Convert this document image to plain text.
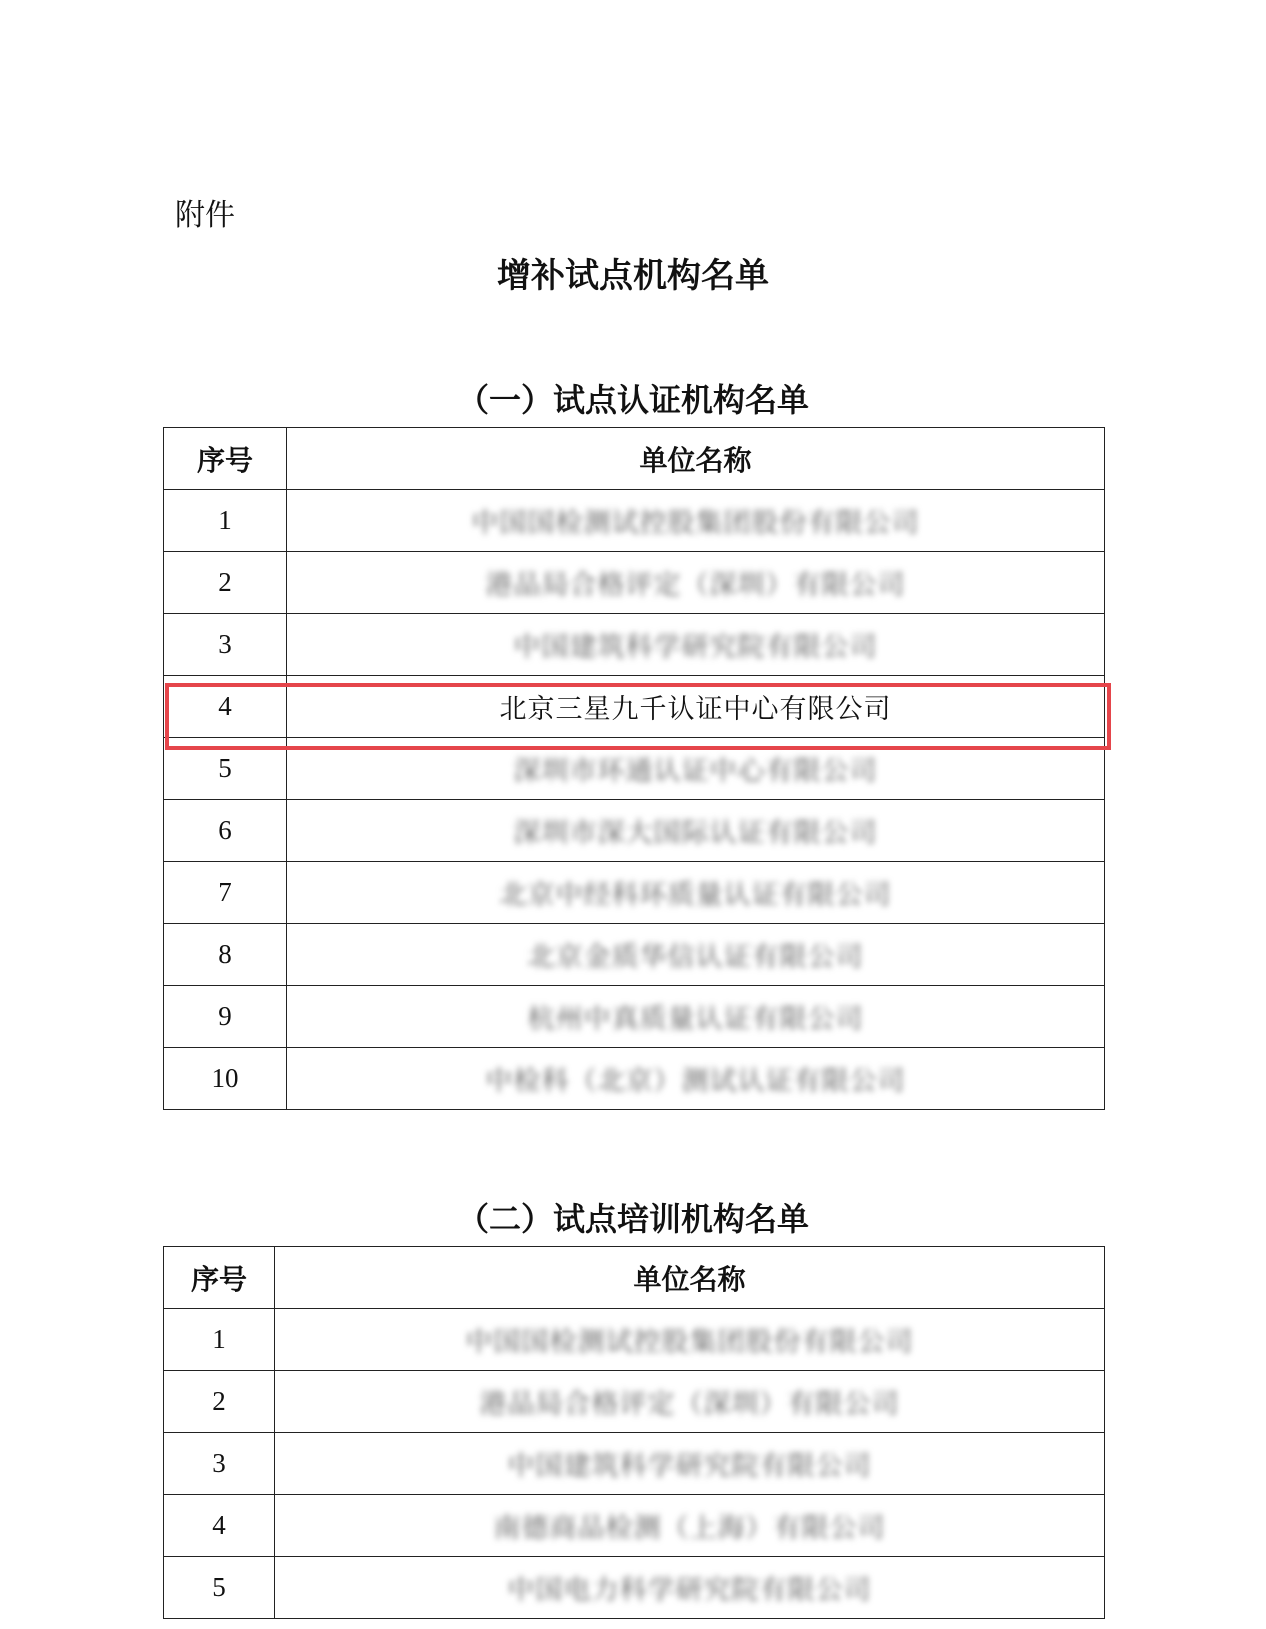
附件
增补试点机构名单
（一）试点认证机构名单
序号	单位名称
1	中国国检测试控股集团股份有限公司
2	港品局合格评定（深圳）有限公司
3	中国建筑科学研究院有限公司
4	北京三星九千认证中心有限公司
5	深圳市环通认证中心有限公司
6	深圳市深大国际认证有限公司
7	北京中经科环质量认证有限公司
8	北京金质华信认证有限公司
9	杭州中真质量认证有限公司
10	中检科（北京）测试认证有限公司
（二）试点培训机构名单
序号	单位名称
1	中国国检测试控股集团股份有限公司
2	港品局合格评定（深圳）有限公司
3	中国建筑科学研究院有限公司
4	南德商品检测（上海）有限公司
5	中国电力科学研究院有限公司
